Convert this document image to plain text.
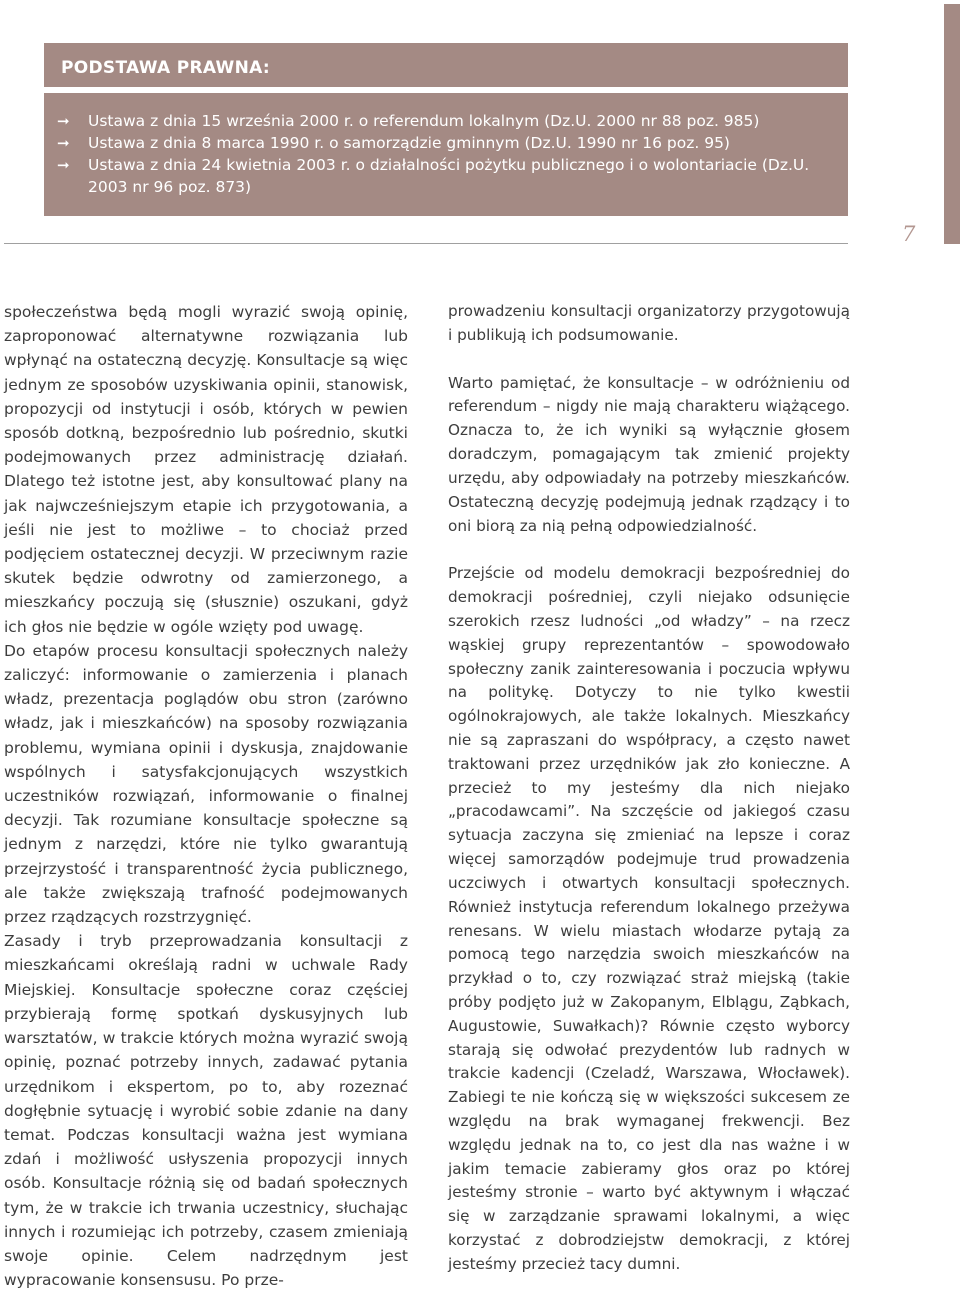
PODSTAWA PRAWNA:
➞	Ustawa z dnia 15 września 2000 r. o referendum lokalnym (Dz.U. 2000 nr 88 poz. 985)
➞	Ustawa z dnia 8 marca 1990 r. o samorządzie gminnym (Dz.U. 1990 nr 16 poz. 95)
➞	Ustawa z dnia 24 kwietnia 2003 r. o działalności pożytku publicznego i o wolontariacie (Dz.U. 2003 nr 96 poz. 873)
7

społeczeństwa będą mogli wyrazić swoją opinię, zaproponować alternatywne rozwiązania lub wpłynąć na ostateczną decyzję. Konsultacje są więc jednym ze sposobów uzyskiwania opinii, stanowisk, propozycji od instytucji i osób, których w pewien sposób dotkną, bezpośrednio lub pośrednio, skutki podejmowanych przez administrację działań. Dlatego też istotne jest, aby konsultować plany na jak najwcześniejszym etapie ich przygotowania, a jeśli nie jest to możliwe – to chociaż przed podjęciem ostatecznej decyzji. W przeciwnym razie skutek będzie odwrotny od zamierzonego, a mieszkańcy poczują się (słusznie) oszukani, gdyż ich głos nie będzie w ogóle wzięty pod uwagę.

Do etapów procesu konsultacji społecznych należy zaliczyć: informowanie o zamierzenia i planach władz, prezentacja poglądów obu stron (zarówno władz, jak i mieszkańców) na sposoby rozwiązania problemu, wymiana opinii i dyskusja, znajdowanie wspólnych i satysfakcjonujących wszystkich uczestników rozwiązań, informowanie o finalnej decyzji. Tak rozumiane konsultacje społeczne są jednym z narzędzi, które nie tylko gwarantują przejrzystość i transparentność życia publicznego, ale także zwiększają trafność podejmowanych przez rządzących rozstrzygnięć.

Zasady i tryb przeprowadzania konsultacji z mieszkańcami określają radni w uchwale Rady Miejskiej. Konsultacje społeczne coraz częściej przybierają formę spotkań dyskusyjnych lub warsztatów, w trakcie których można wyrazić swoją opinię, poznać potrzeby innych, zadawać pytania urzędnikom i ekspertom, po to, aby rozeznać dogłębnie sytuację i wyrobić sobie zdanie na dany temat. Podczas konsultacji ważna jest wymiana zdań i możliwość usłyszenia propozycji innych osób. Konsultacje różnią się od badań społecznych tym, że w trakcie ich trwania uczestnicy, słuchając innych i rozumiejąc ich potrzeby, czasem zmieniają swoje opinie. Celem nadrzędnym jest wypracowanie konsensusu. Po prze-

prowadzeniu konsultacji organizatorzy przygotowują i publikują ich podsumowanie.

Warto pamiętać, że konsultacje – w odróżnieniu od referendum – nigdy nie mają charakteru wiążącego. Oznacza to, że ich wyniki są wyłącznie głosem doradczym, pomagającym tak zmienić projekty urzędu, aby odpowiadały na potrzeby mieszkańców. Ostateczną decyzję podejmują jednak rządzący i to oni biorą za nią pełną odpowiedzialność.

Przejście od modelu demokracji bezpośredniej do demokracji pośredniej, czyli niejako odsunięcie szerokich rzesz ludności „od władzy” – na rzecz wąskiej grupy reprezentantów – spowodowało społeczny zanik zainteresowania i poczucia wpływu na politykę. Dotyczy to nie tylko kwestii ogólnokrajowych, ale także lokalnych. Mieszkańcy nie są zapraszani do współpracy, a często nawet traktowani przez urzędników jak zło konieczne. A przecież to my jesteśmy dla nich niejako „pracodawcami”. Na szczęście od jakiegoś czasu sytuacja zaczyna się zmieniać na lepsze i coraz więcej samorządów podejmuje trud prowadzenia uczciwych i otwartych konsultacji społecznych. Również instytucja referendum lokalnego przeżywa renesans. W wielu miastach włodarze pytają za pomocą tego narzędzia swoich mieszkańców na przykład o to, czy rozwiązać straż miejską (takie próby podjęto już w Zakopanym, Elblągu, Ząbkach, Augustowie, Suwałkach)? Równie często wyborcy starają się odwołać prezydentów lub radnych w trakcie kadencji (Czeladź, Warszawa, Włocławek). Zabiegi te nie kończą się w większości sukcesem ze względu na brak wymaganej frekwencji. Bez względu jednak na to, co jest dla nas ważne i w jakim temacie zabieramy głos oraz po której jesteśmy stronie – warto być aktywnym i włączać się w zarządzanie sprawami lokalnymi, a więc korzystać z dobrodziejstw demokracji, z której jesteśmy przecież tacy dumni.
